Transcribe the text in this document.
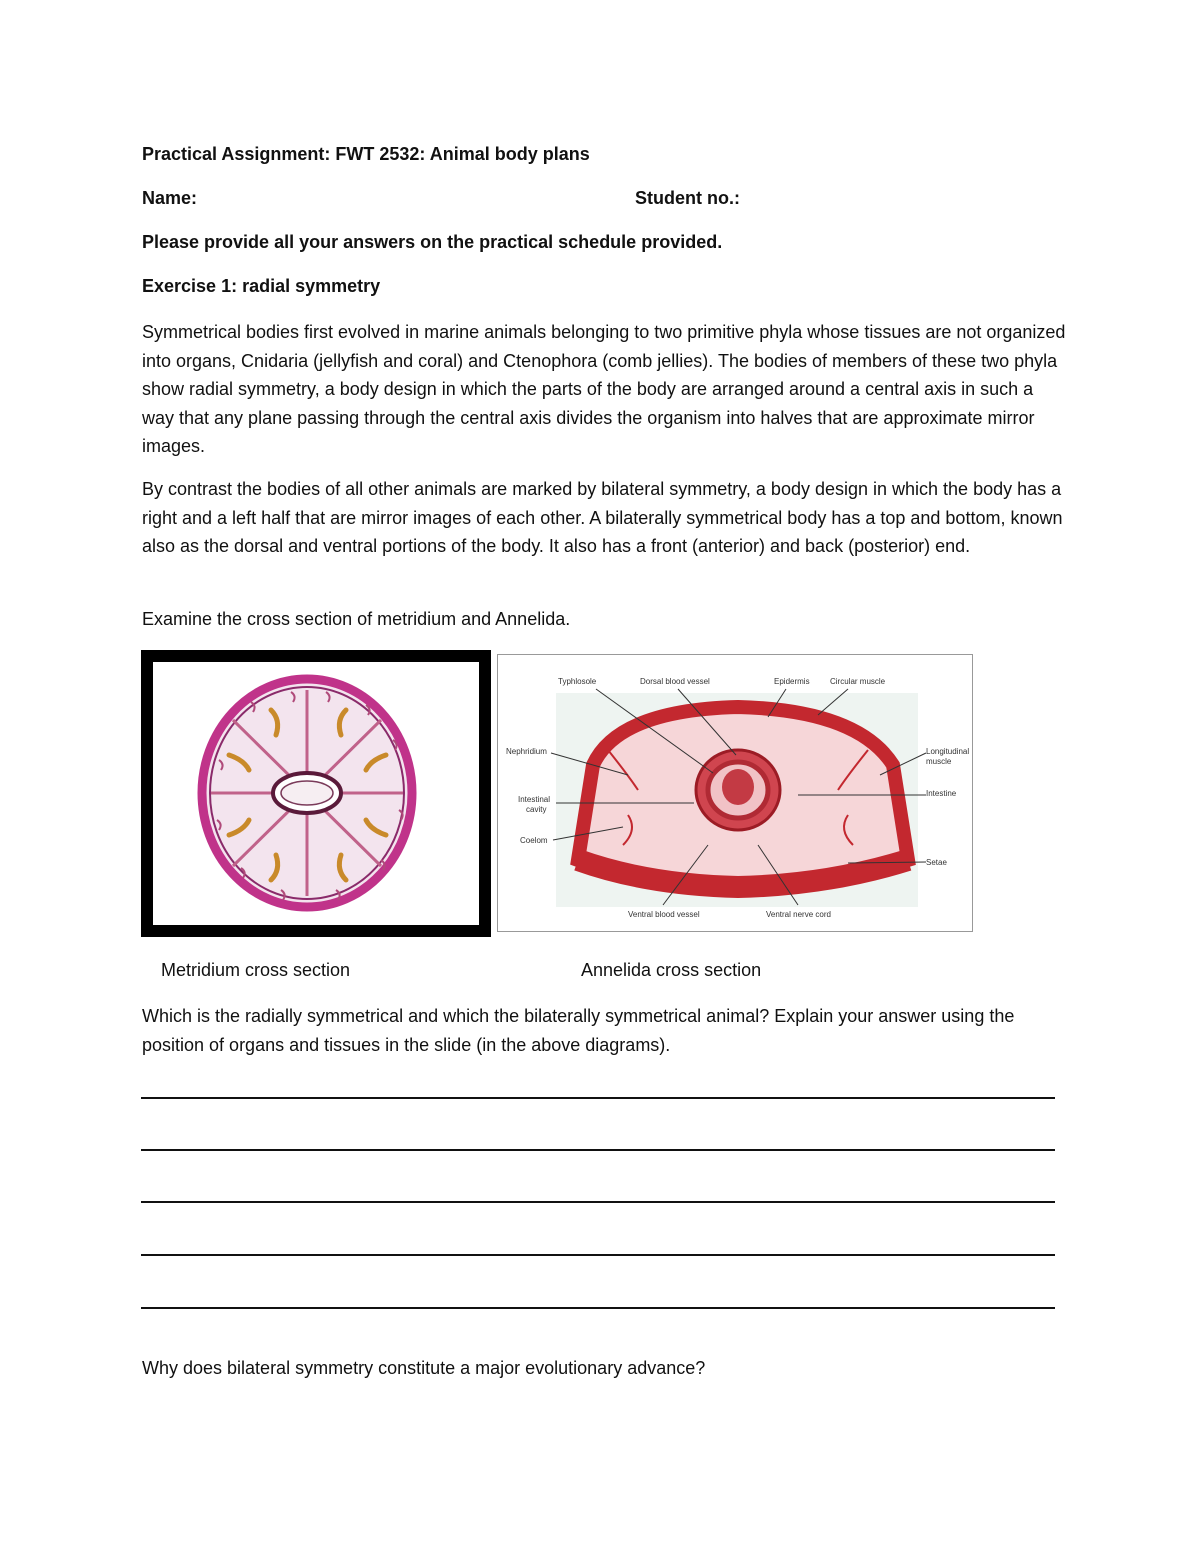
Practical Assignment: FWT 2532: Animal body plans
Name:	Student no.:
Please provide all your answers on the practical schedule provided.
Exercise 1: radial symmetry
Symmetrical bodies first evolved in marine animals belonging to two primitive phyla whose tissues are not organized into organs, Cnidaria (jellyfish and coral) and Ctenophora (comb jellies). The bodies of members of these two phyla show radial symmetry, a body design in which the parts of the body are arranged around a central axis in such a way that any plane passing through the central axis divides the organism into halves that are approximate mirror images.
By contrast the bodies of all other animals are marked by bilateral symmetry, a body design in which the body has a right and a left half that are mirror images of each other. A bilaterally symmetrical body has a top and bottom, known also as the dorsal and ventral portions of the body. It also has a front (anterior) and back (posterior) end.
Examine the cross section of metridium and Annelida.
Typhlosole	Dorsal blood vessel	Epidermis	Circular muscle
Nephridium	Longitudinal
muscle
Intestinal
cavity
Intestine
Coelom
Setae
Ventral blood vessel	Ventral nerve cord
Metridium cross section	Annelida cross section
Which is the radially symmetrical and which the bilaterally symmetrical animal? Explain your answer using the position of organs and tissues in the slide (in the above diagrams).
Why does bilateral symmetry constitute a major evolutionary advance?
